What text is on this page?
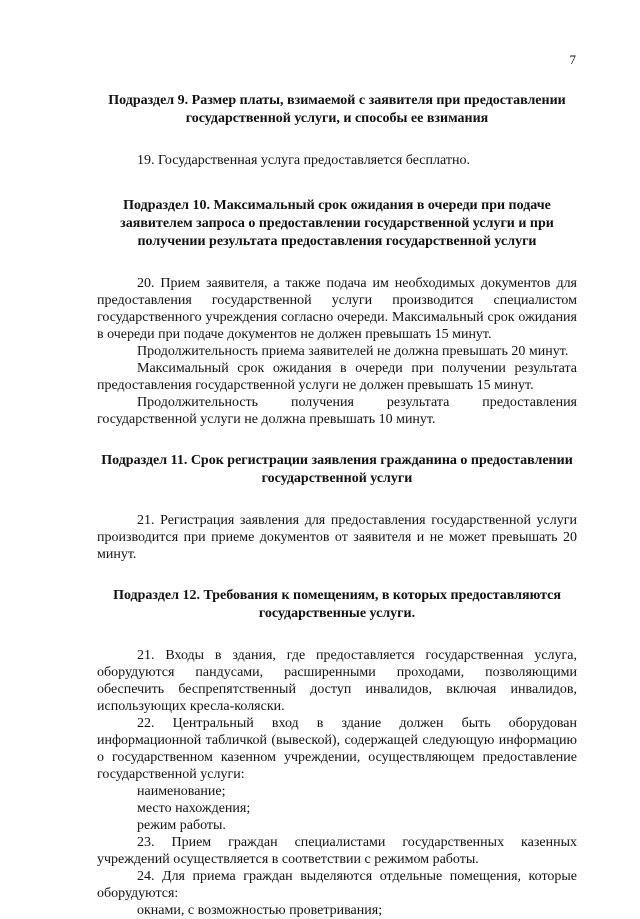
7

Подраздел 9. Размер платы, взимаемой с заявителя при предоставлении государственной услуги, и способы ее взимания

19. Государственная услуга предоставляется бесплатно.

Подраздел 10. Максимальный срок ожидания в очереди при подаче заявителем запроса о предоставлении государственной услуги и при получении результата предоставления государственной услуги

20. Прием заявителя, а также подача им необходимых документов для предоставления государственной услуги производится специалистом государственного учреждения согласно очереди. Максимальный срок ожидания в очереди при подаче документов не должен превышать 15 минут.

Продолжительность приема заявителей не должна превышать 20 минут.

Максимальный срок ожидания в очереди при получении результата предоставления государственной услуги не должен превышать 15 минут.

Продолжительность получения результата предоставления государственной услуги не должна превышать 10 минут.

Подраздел 11. Срок регистрации заявления гражданина о предоставлении государственной услуги

21. Регистрация заявления для предоставления государственной услуги производится при приеме документов от заявителя и не может превышать 20 минут.

Подраздел 12. Требования к помещениям, в которых предоставляются государственные услуги.

21. Входы в здания, где предоставляется государственная услуга, оборудуются пандусами, расширенными проходами, позволяющими обеспечить беспрепятственный доступ инвалидов, включая инвалидов, использующих кресла-коляски.

22. Центральный вход в здание должен быть оборудован информационной табличкой (вывеской), содержащей следующую информацию о государственном казенном учреждении, осуществляющем предоставление государственной услуги:

наименование;

место нахождения;

режим работы.

23. Прием граждан специалистами государственных казенных учреждений осуществляется в соответствии с режимом работы.

24. Для приема граждан выделяются отдельные помещения, которые оборудуются:

окнами, с возможностью проветривания;
